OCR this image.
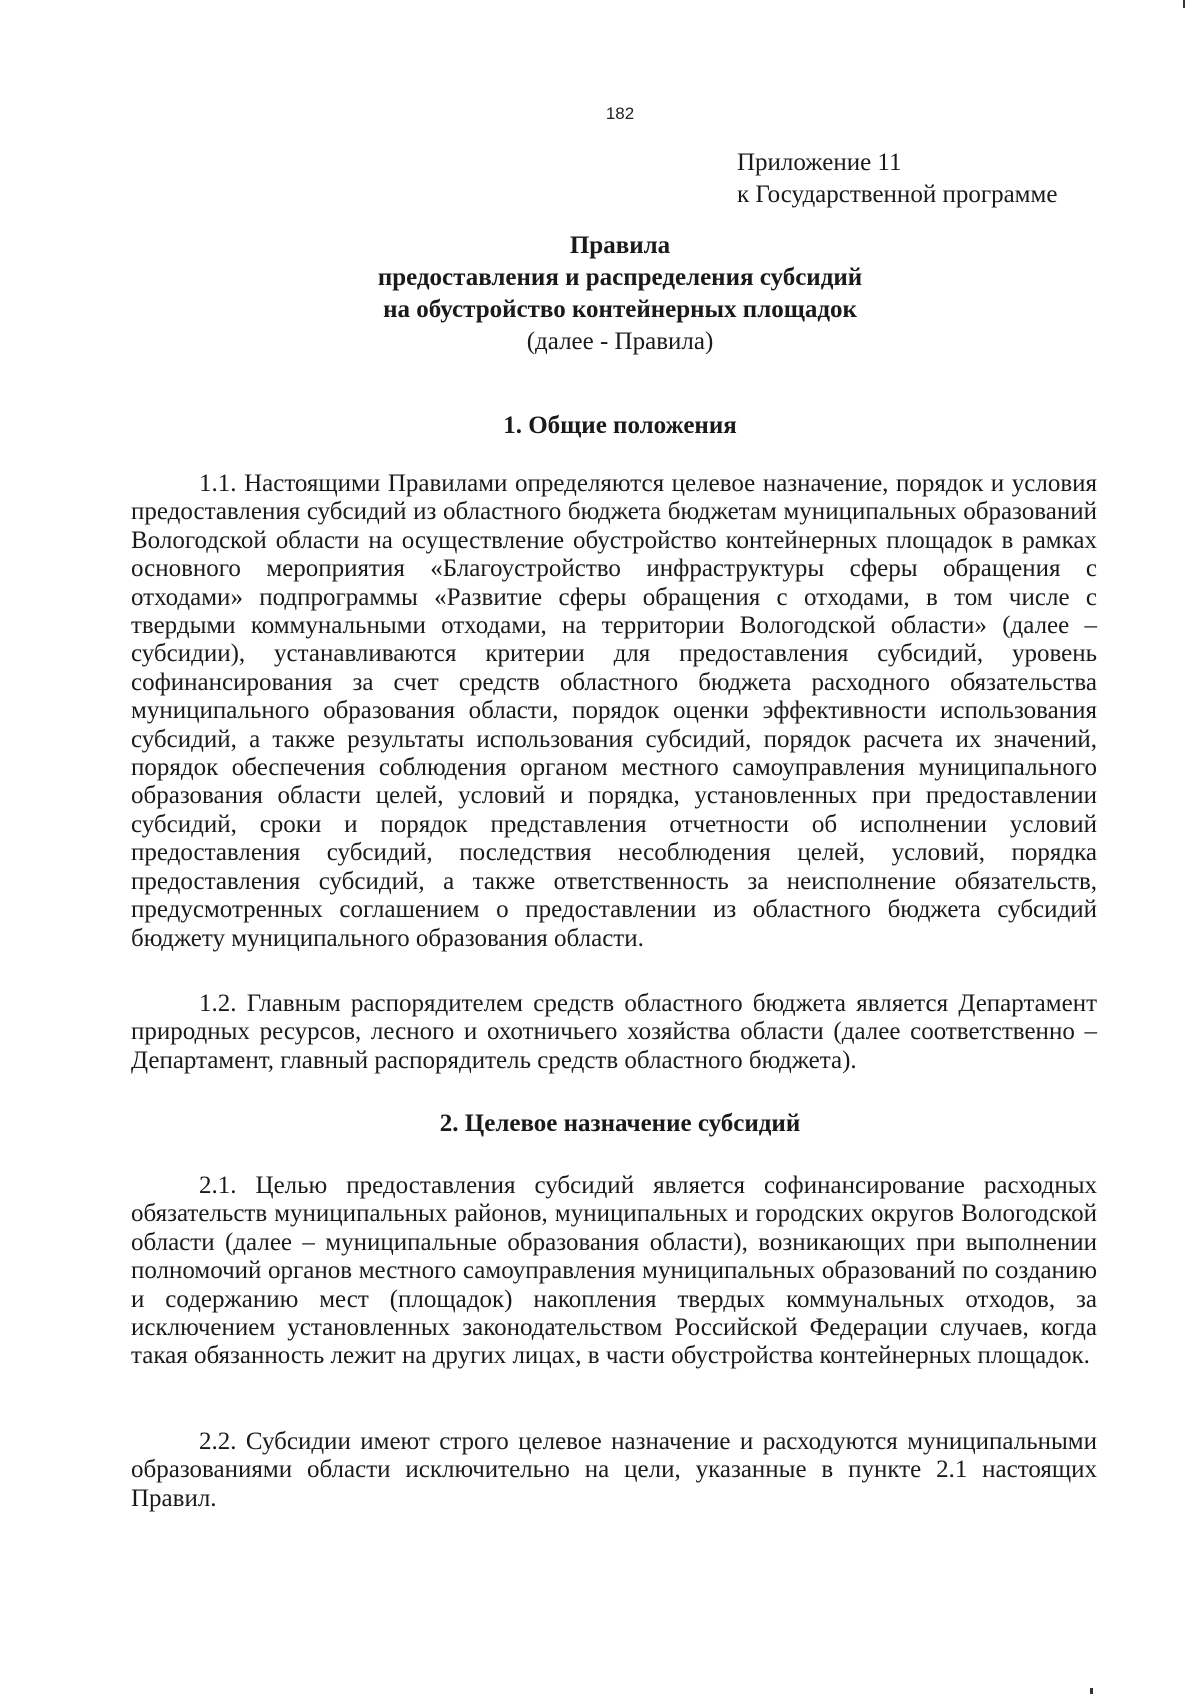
182
Приложение 11
к Государственной программе
Правила
предоставления и распределения субсидий
на обустройство контейнерных площадок
(далее - Правила)
1. Общие положения

1.1. Настоящими Правилами определяются целевое назначение, порядок и условия предоставления субсидий из областного бюджета бюджетам муниципальных образований Вологодской области на осуществление обустройство контейнерных площадок в рамках основного мероприятия «Благоустройство инфраструктуры сферы обращения с отходами» подпрограммы «Развитие сферы обращения с отходами, в том числе с твердыми коммунальными отходами, на территории Вологодской области» (далее – субсидии), устанавливаются критерии для предоставления субсидий, уровень софинансирования за счет средств областного бюджета расходного обязательства муниципального образования области, порядок оценки эффективности использования субсидий, а также результаты использования субсидий, порядок расчета их значений, порядок обеспечения соблюдения органом местного самоуправления муниципального образования области целей, условий и порядка, установленных при предоставлении субсидий, сроки и порядок представления отчетности об исполнении условий предоставления субсидий, последствия несоблюдения целей, условий, порядка предоставления субсидий, а также ответственность за неисполнение обязательств, предусмотренных соглашением о предоставлении из областного бюджета субсидий бюджету муниципального образования области.

1.2. Главным распорядителем средств областного бюджета является Департамент природных ресурсов, лесного и охотничьего хозяйства области (далее соответственно – Департамент, главный распорядитель средств областного бюджета).

2. Целевое назначение субсидий

2.1. Целью предоставления субсидий является софинансирование расходных обязательств муниципальных районов, муниципальных и городских округов Вологодской области (далее – муниципальные образования области), возникающих при выполнении полномочий органов местного самоуправления муниципальных образований по созданию и содержанию мест (площадок) накопления твердых коммунальных отходов, за исключением установленных законодательством Российской Федерации случаев, когда такая обязанность лежит на других лицах, в части обустройства контейнерных площадок.

2.2. Субсидии имеют строго целевое назначение и расходуются муниципальными образованиями области исключительно на цели, указанные в пункте 2.1 настоящих Правил.
